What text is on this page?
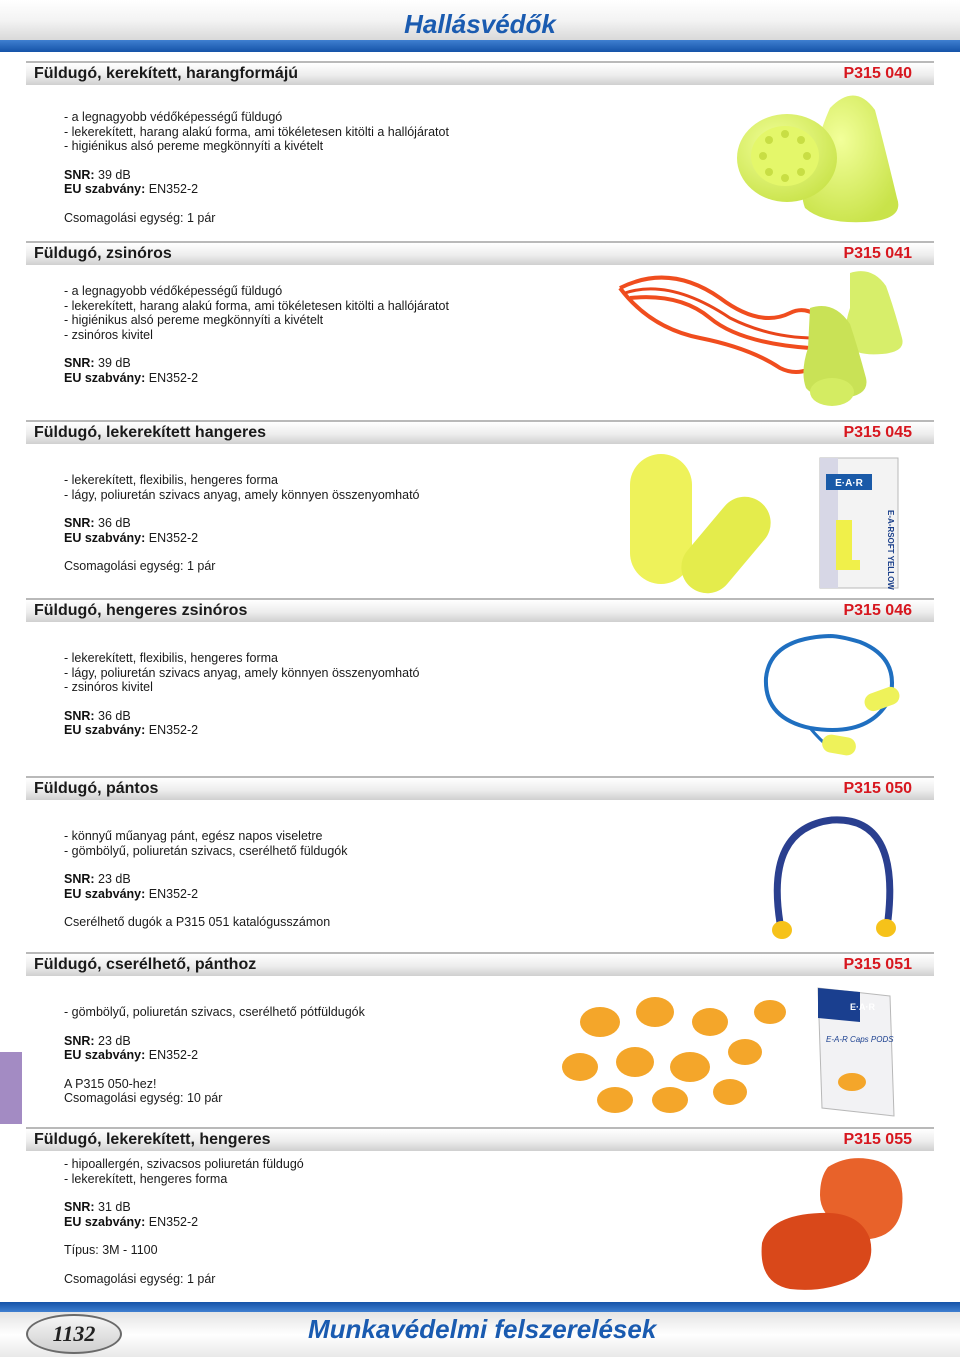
Hallásvédők
Füldugó, kerekített, harangformájú	P315 040
- a legnagyobb védőképességű füldugó
- lekerekített, harang alakú forma, ami tökéletesen kitölti a hallójáratot
- higiénikus alsó pereme megkönnyíti a kivételt
SNR: 39 dB
EU szabvány: EN352-2
Csomagolási egység: 1 pár
Füldugó, zsinóros	P315 041
- a legnagyobb védőképességű füldugó
- lekerekített, harang alakú forma, ami tökéletesen kitölti a hallójáratot
- higiénikus alsó pereme megkönnyíti a kivételt
- zsinóros kivitel
SNR: 39 dB
EU szabvány: EN352-2
Füldugó, lekerekített hangeres	P315 045
- lekerekített, flexibilis, hengeres forma
- lágy, poliuretán szivacs anyag, amely könnyen összenyomható
SNR: 36 dB
EU szabvány: EN352-2
Csomagolási egység: 1 pár
E·A·R
E-A-RSOFT YELLOW
Füldugó, hengeres zsinóros	P315 046
- lekerekített, flexibilis, hengeres forma
- lágy, poliuretán szivacs anyag, amely könnyen összenyomható
- zsinóros kivitel
SNR: 36 dB
EU szabvány: EN352-2
Füldugó, pántos	P315 050
- könnyű műanyag pánt, egész napos viseletre
- gömbölyű, poliuretán szivacs, cserélhető füldugók
SNR: 23 dB
EU szabvány: EN352-2
Cserélhető dugók a P315 051 katalógusszámon
Füldugó, cserélhető, pánthoz	P315 051
- gömbölyű, poliuretán szivacs, cserélhető pótfüldugók
SNR: 23 dB
EU szabvány: EN352-2
A P315 050-hez!
Csomagolási egység: 10 pár
E·A·R
E-A-R Caps PODS
Füldugó, lekerekített, hengeres	P315 055
- hipoallergén, szivacsos poliuretán füldugó
- lekerekített, hengeres forma
SNR: 31 dB
EU szabvány: EN352-2
Típus: 3M - 1100
Csomagolási egység: 1 pár
1132	Munkavédelmi felszerelések
